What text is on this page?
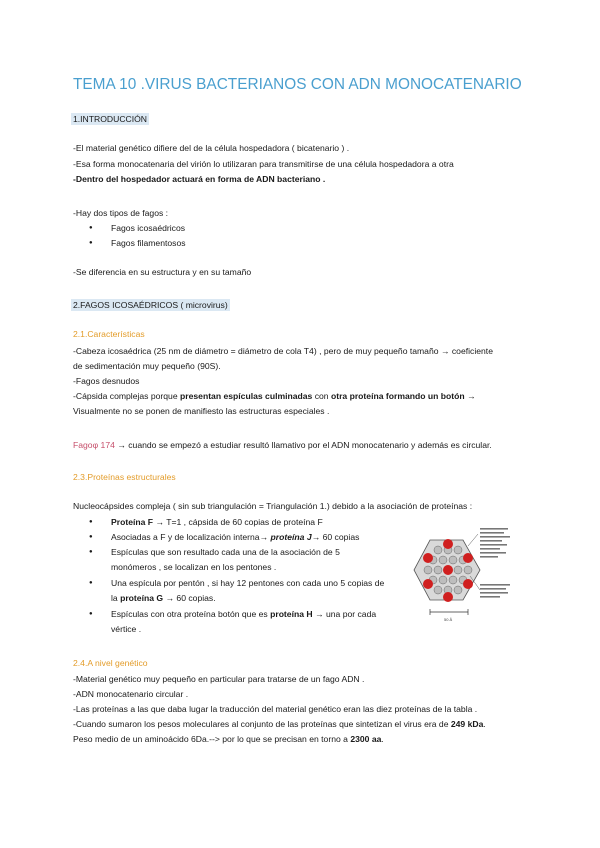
TEMA 10 .VIRUS BACTERIANOS CON ADN MONOCATENARIO
1.INTRODUCCIÓN
-El material genético difiere del de la célula hospedadora ( bicatenario ) .
-Esa forma monocatenaria del virión lo utilizaran para transmitirse de una célula hospedadora a otra
-Dentro del hospedador actuará en forma de ADN bacteriano .
-Hay dos tipos de fagos :
Fagos icosaédricos
Fagos filamentosos
-Se diferencia en su estructura y en su tamaño
2.FAGOS ICOSAÉDRICOS ( microvirus)
2.1.Características
-Cabeza icosaédrica (25 nm de diámetro = diámetro de cola T4) , pero de muy pequeño tamaño → coeficiente
de sedimentación muy pequeño (90S).
-Fagos desnudos
-Cápsida complejas porque presentan espículas culminadas con otra proteína formando un botón →
Visualmente no se ponen de manifiesto las estructuras especiales .
Fagoφ 174 → cuando se empezó a estudiar resultó llamativo por el ADN monocatenario y además es circular.
2.3.Proteínas estructurales
Nucleocápsides compleja ( sin sub triangulación = Triangulación 1.) debido a la asociación de proteínas :
Proteína F → T=1 , cápsida de 60 copias de proteína F
Asociadas a F y de localización interna→ proteína J→ 60 copias
Espículas que son resultado cada una de la asociación de 5
monómeros , se localizan en los pentones .
Una espícula por pentón , si hay 12 pentones con cada uno 5 copias de
la proteína G → 60 copias.
Espículas con otra proteína botón que es proteína H → una por cada
vértice .
50 Å
2.4.A nivel genético
-Material genético muy pequeño en particular para tratarse de un fago ADN .
-ADN monocatenario circular .
-Las proteínas a las que daba lugar la traducción del material genético eran las diez proteínas de la tabla .
-Cuando sumaron los pesos moleculares al conjunto de las proteínas que sintetizan el virus era de 249 kDa.
Peso medio de un aminoácido 6Da.--> por lo que se precisan en torno a 2300 aa.
